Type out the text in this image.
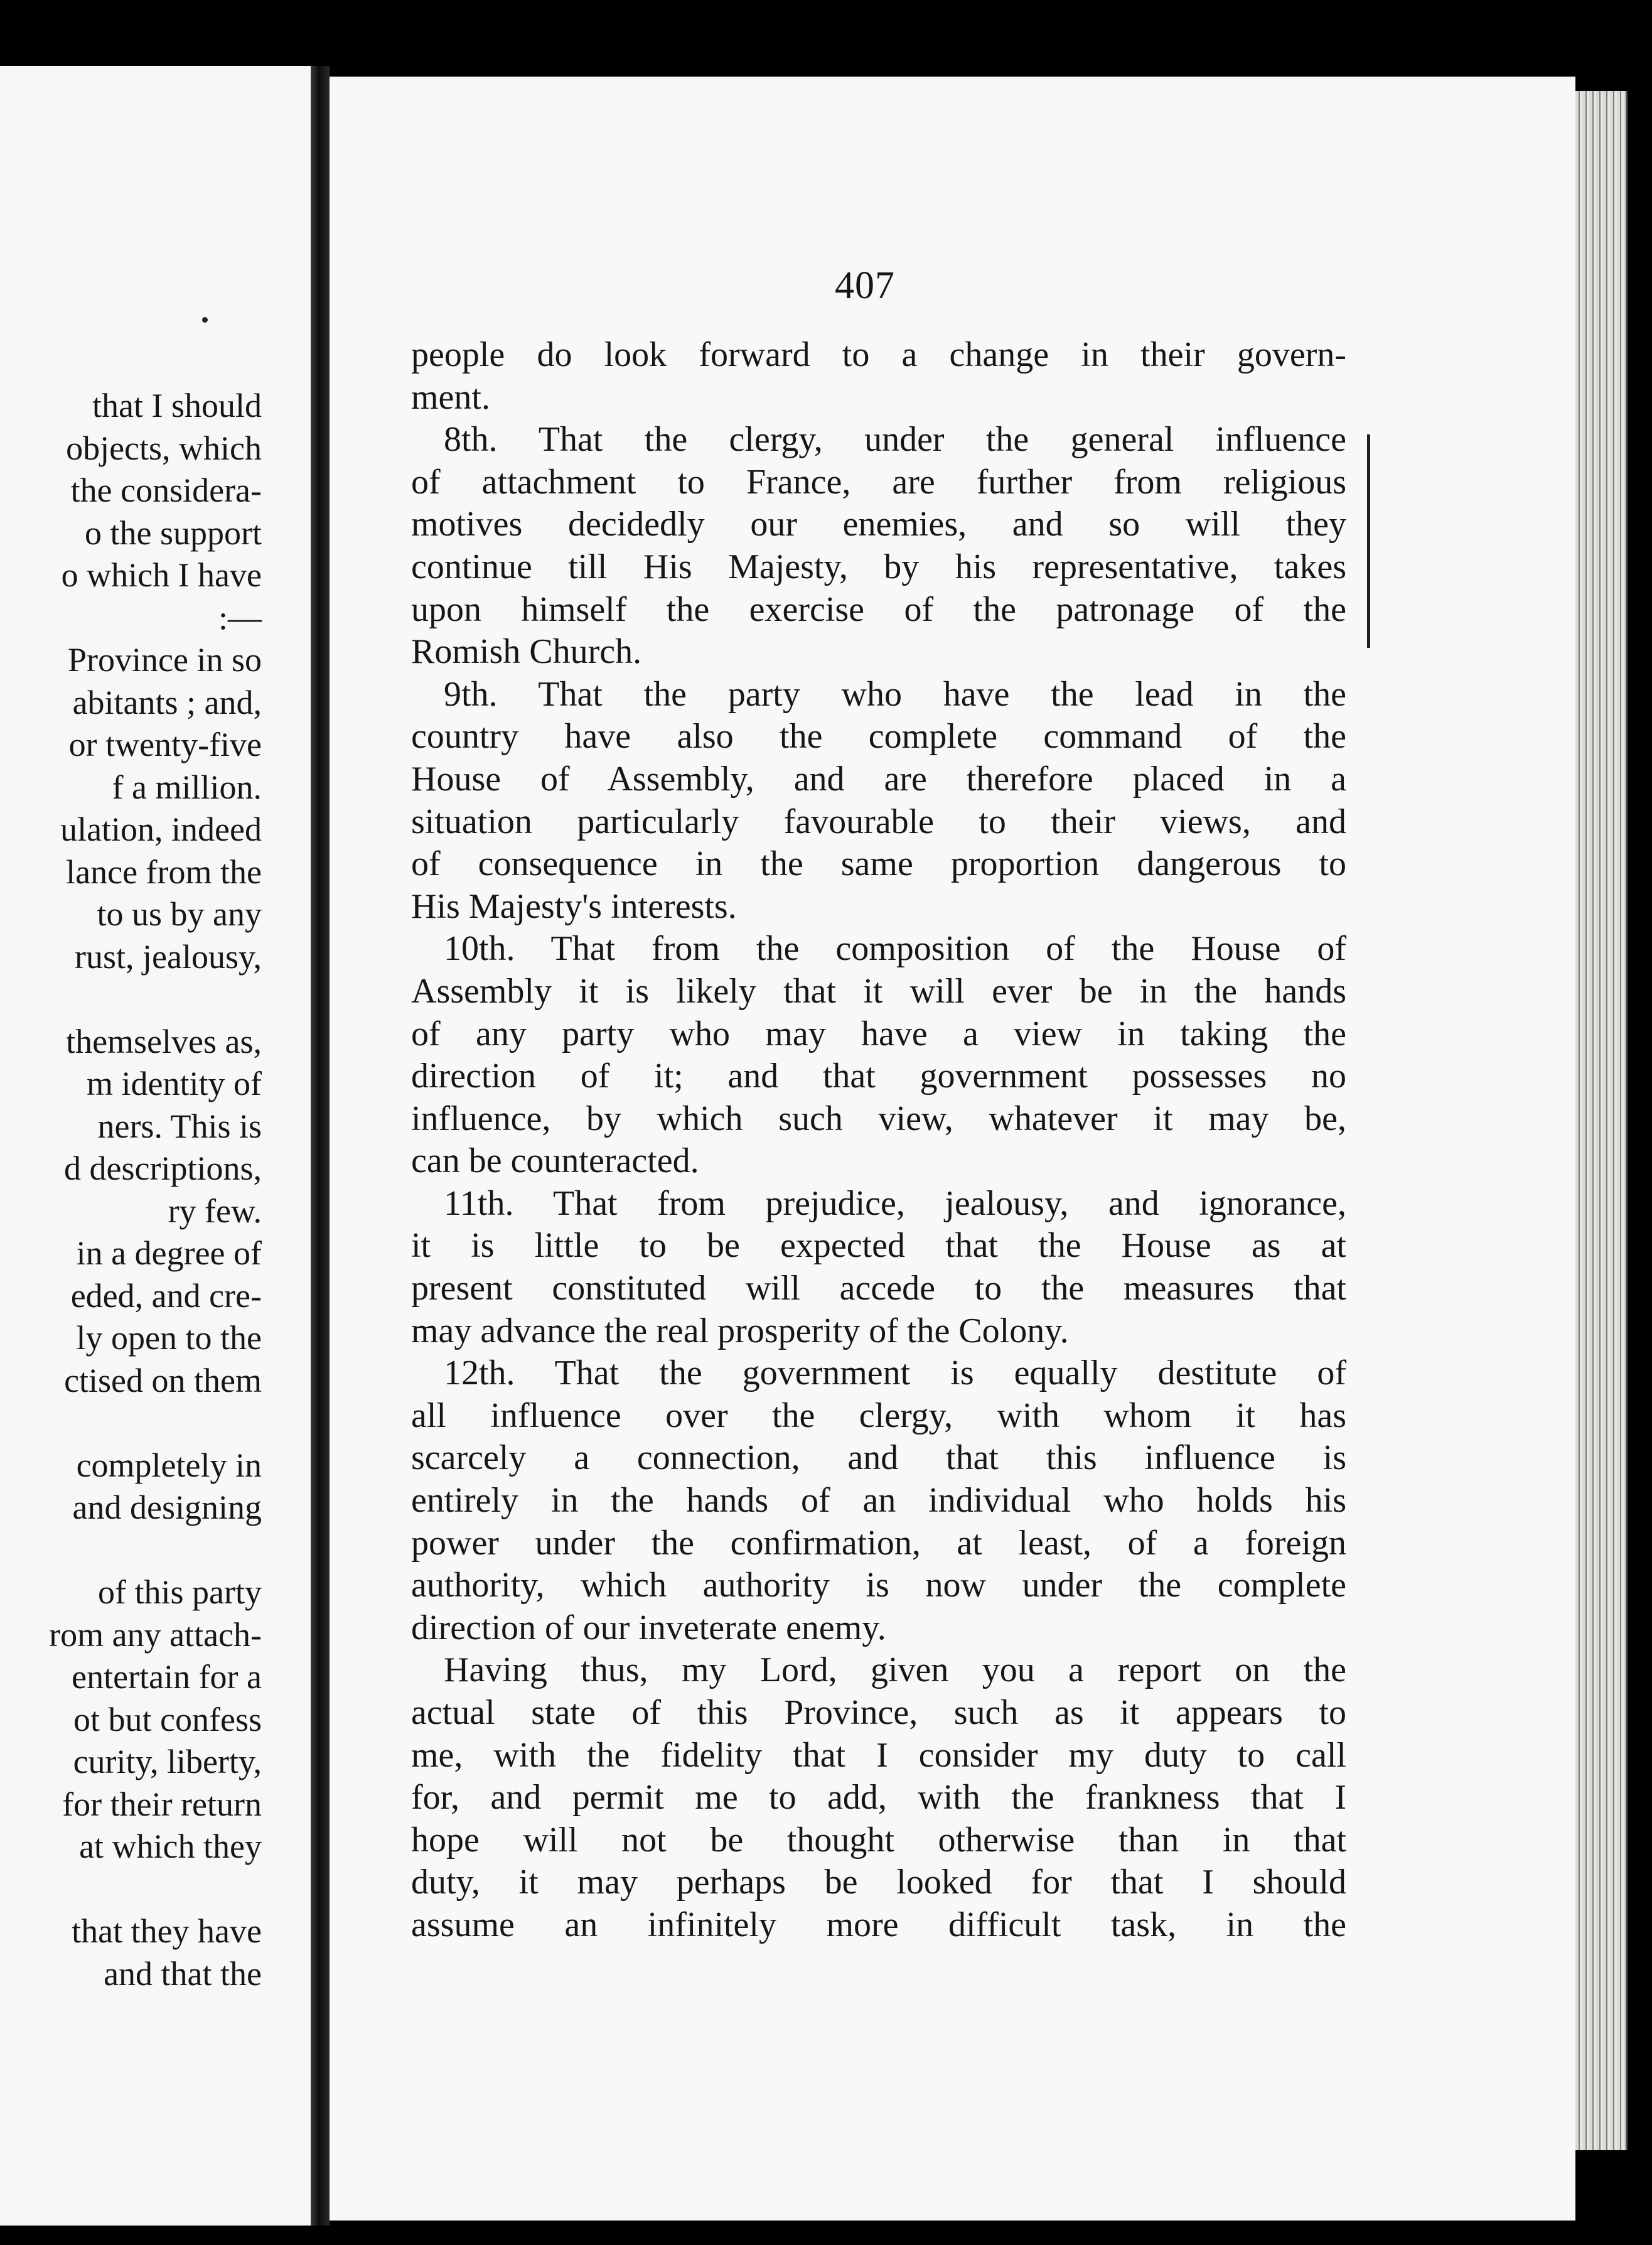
that I should
objects, which
the considera-
o the support
o which I have
:—
Province in so
abitants ; and,
or twenty-five
f a million.
ulation, indeed
lance from the
to us by any
rust, jealousy,
themselves as,
m identity of
ners. This is
d descriptions,
ry few.
in a degree of
eded, and cre-
ly open to the
ctised on them
completely in
and designing
of this party
rom any attach-
entertain for a
ot but confess
curity, liberty,
for their return
at which they
that they have
and that the
407
people do look forward to a change in their govern-
ment.
8th. That the clergy, under the general influence
of attachment to France, are further from religious
motives decidedly our enemies, and so will they
continue till His Majesty, by his representative, takes
upon himself the exercise of the patronage of the
Romish Church.
9th. That the party who have the lead in the
country have also the complete command of the
House of Assembly, and are therefore placed in a
situation particularly favourable to their views, and
of consequence in the same proportion dangerous to
His Majesty's interests.
10th. That from the composition of the House of
Assembly it is likely that it will ever be in the hands
of any party who may have a view in taking the
direction of it; and that government possesses no
influence, by which such view, whatever it may be,
can be counteracted.
11th. That from prejudice, jealousy, and ignorance,
it is little to be expected that the House as at
present constituted will accede to the measures that
may advance the real prosperity of the Colony.
12th. That the government is equally destitute of
all influence over the clergy, with whom it has
scarcely a connection, and that this influence is
entirely in the hands of an individual who holds his
power under the confirmation, at least, of a foreign
authority, which authority is now under the complete
direction of our inveterate enemy.
Having thus, my Lord, given you a report on the
actual state of this Province, such as it appears to
me, with the fidelity that I consider my duty to call
for, and permit me to add, with the frankness that I
hope will not be thought otherwise than in that
duty, it may perhaps be looked for that I should
assume an infinitely more difficult task, in the
